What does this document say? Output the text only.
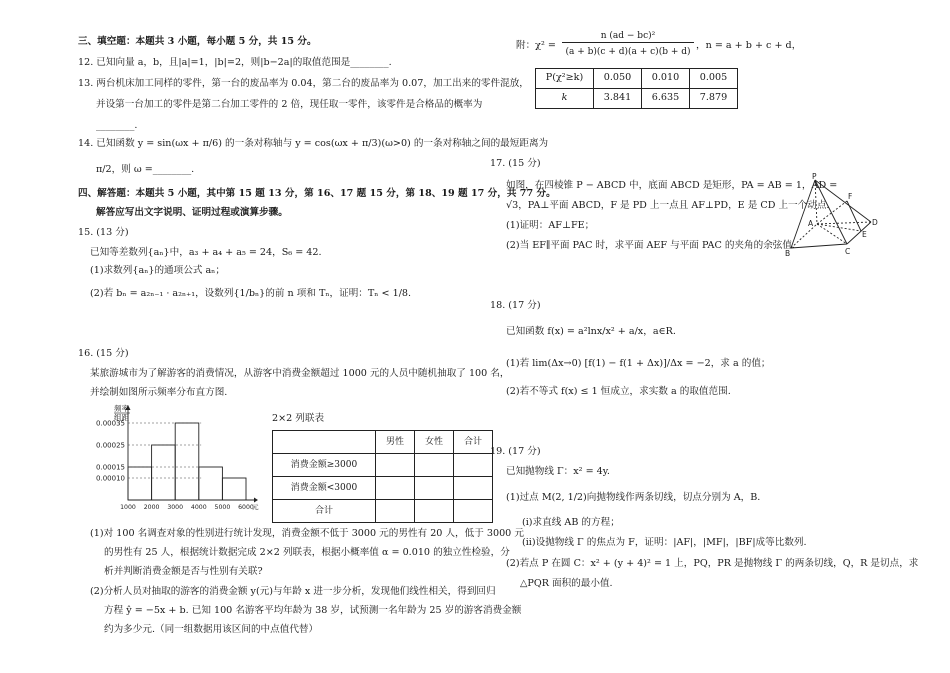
三、填空题：本题共 3 小题，每小题 5 分，共 15 分。
12. 已知向量 a，b，且|a|=1，|b|=2，则|b−2a|的取值范围是________.
13. 两台机床加工同样的零件，第一台的废品率为 0.04，第二台的废品率为 0.07，加工出来的零件混放，
并设第一台加工的零件是第二台加工零件的 2 倍，现任取一零件，该零件是合格品的概率为
________.
14. 已知函数 y = sin(ωx + π/6) 的一条对称轴与 y = cos(ωx + π/3)(ω>0) 的一条对称轴之间的最短距离为
π/2，则 ω =________.
四、解答题：本题共 5 小题，其中第 15 题 13 分，第 16、17 题 15 分，第 18、19 题 17 分，共 77 分。
解答应写出文字说明、证明过程或演算步骤。
15. (13 分)
已知等差数列{aₙ}中，a₃ + a₄ + a₅ = 24，S₆ = 42.
(1)求数列{aₙ}的通项公式 aₙ；
(2)若 bₙ = a₂ₙ₋₁ · a₂ₙ₊₁，设数列{1/bₙ}的前 n 项和 Tₙ，证明：Tₙ < 1/8.
16. (15 分)
某旅游城市为了解游客的消费情况，从游客中消费金额超过 1000 元的人员中随机抽取了 100 名，
并绘制如图所示频率分布直方图.
频率
组距
0.00035
0.00025
0.00015
0.00010
1000 2000 3000 4000 5000 6000
元
2×2 列联表
	男性	女性	合计
消费金额≥3000			
消费金额<3000			
合计			
(1)对 100 名调查对象的性别进行统计发现，消费金额不低于 3000 元的男性有 20 人，低于 3000 元
的男性有 25 人，根据统计数据完成 2×2 列联表，根据小概率值 α = 0.010 的独立性检验，分
析并判断消费金额是否与性别有关联?
(2)分析人员对抽取的游客的消费金额 y(元)与年龄 x 进一步分析，发现他们线性相关，得到回归
方程 ŷ = −5x + b. 已知 100 名游客平均年龄为 38 岁，试预测一名年龄为 25 岁的游客消费金额
约为多少元.（同一组数据用该区间的中点值代替）
附：χ² =
n (ad − bc)²
(a + b)(c + d)(a + c)(b + d)
，n = a + b + c + d，
P(χ²≥k)	0.050	0.010	0.005
k	3.841	6.635	7.879
17. (15 分)
如图，在四棱锥 P − ABCD 中，底面 ABCD 是矩形，PA = AB = 1，AD =
√3，PA⊥平面 ABCD，F 是 PD 上一点且 AF⊥PD，E 是 CD 上一个动点.
(1)证明：AF⊥FE；
(2)当 EF∥平面 PAC 时，求平面 AEF 与平面 PAC 的夹角的余弦值.
P
F
A	D
E
B	C
18. (17 分)
已知函数 f(x) = a²lnx/x² + a/x，a∈R.
(1)若 lim(Δx→0) [f(1) − f(1 + Δx)]/Δx = −2，求 a 的值；
(2)若不等式 f(x) ≤ 1 恒成立，求实数 a 的取值范围.
19. (17 分)
已知抛物线 Γ：x² = 4y.
(1)过点 M(2, 1/2)向抛物线作两条切线，切点分别为 A，B.
(i)求直线 AB 的方程；
(ii)设抛物线 Γ 的焦点为 F，证明：|AF|，|MF|，|BF|成等比数列.
(2)若点 P 在圆 C：x² + (y + 4)² = 1 上，PQ，PR 是抛物线 Γ 的两条切线，Q，R 是切点，求
△PQR 面积的最小值.
